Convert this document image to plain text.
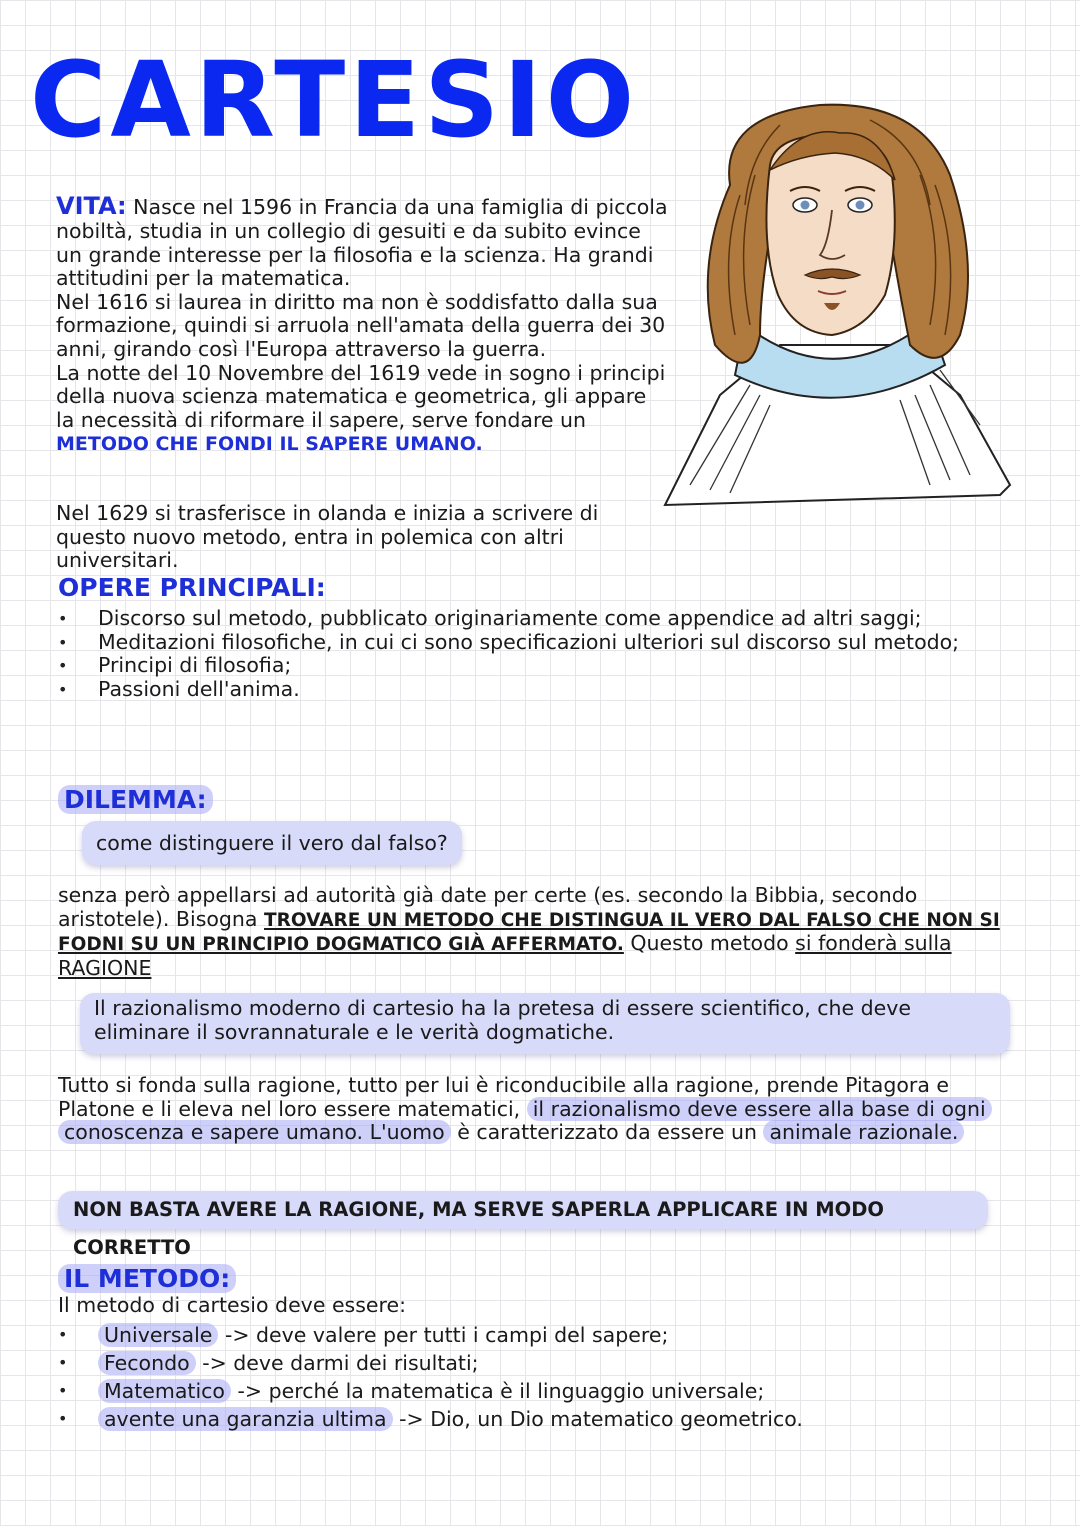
CARTESIO
VITA: Nasce nel 1596 in Francia da una famiglia di piccola nobiltà, studia in un collegio di gesuiti e da subito evince un grande interesse per la filosofia e la scienza. Ha grandi attitudini per la matematica.
Nel 1616 si laurea in diritto ma non è soddisfatto dalla sua formazione, quindi si arruola nell'amata della guerra dei 30 anni, girando così l'Europa attraverso la guerra.
La notte del 10 Novembre del 1619 vede in sogno i principi della nuova scienza matematica e geometrica, gli appare la necessità di riformare il sapere, serve fondare un METODO CHE FONDI IL SAPERE UMANO.
Nel 1629 si trasferisce in olanda e inizia a scrivere di questo nuovo metodo, entra in polemica con altri universitari.
OPERE PRINCIPALI:
• Discorso sul metodo, pubblicato originariamente come appendice ad altri saggi;
• Meditazioni filosofiche, in cui ci sono specificazioni ulteriori sul discorso sul metodo;
• Principi di filosofia;
• Passioni dell'anima.
DILEMMA:
come distinguere il vero dal falso?
senza però appellarsi ad autorità già date per certe (es. secondo la Bibbia, secondo aristotele). Bisogna TROVARE UN METODO CHE DISTINGUA IL VERO DAL FALSO CHE NON SI FODNI SU UN PRINCIPIO DOGMATICO GIÀ AFFERMATO. Questo metodo si fonderà sulla RAGIONE
Il razionalismo moderno di cartesio ha la pretesa di essere scientifico, che deve eliminare il sovrannaturale e le verità dogmatiche.
Tutto si fonda sulla ragione, tutto per lui è riconducibile alla ragione, prende Pitagora e Platone e li eleva nel loro essere matematici, il razionalismo deve essere alla base di ogni conoscenza e sapere umano. L'uomo è caratterizzato da essere un animale razionale.
NON BASTA AVERE LA RAGIONE, MA SERVE SAPERLA APPLICARE IN MODO CORRETTO
IL METODO:
Il metodo di cartesio deve essere:
• Universale -> deve valere per tutti i campi del sapere;
• Fecondo -> deve darmi dei risultati;
• Matematico -> perché la matematica è il linguaggio universale;
• avente una garanzia ultima -> Dio, un Dio matematico geometrico.
